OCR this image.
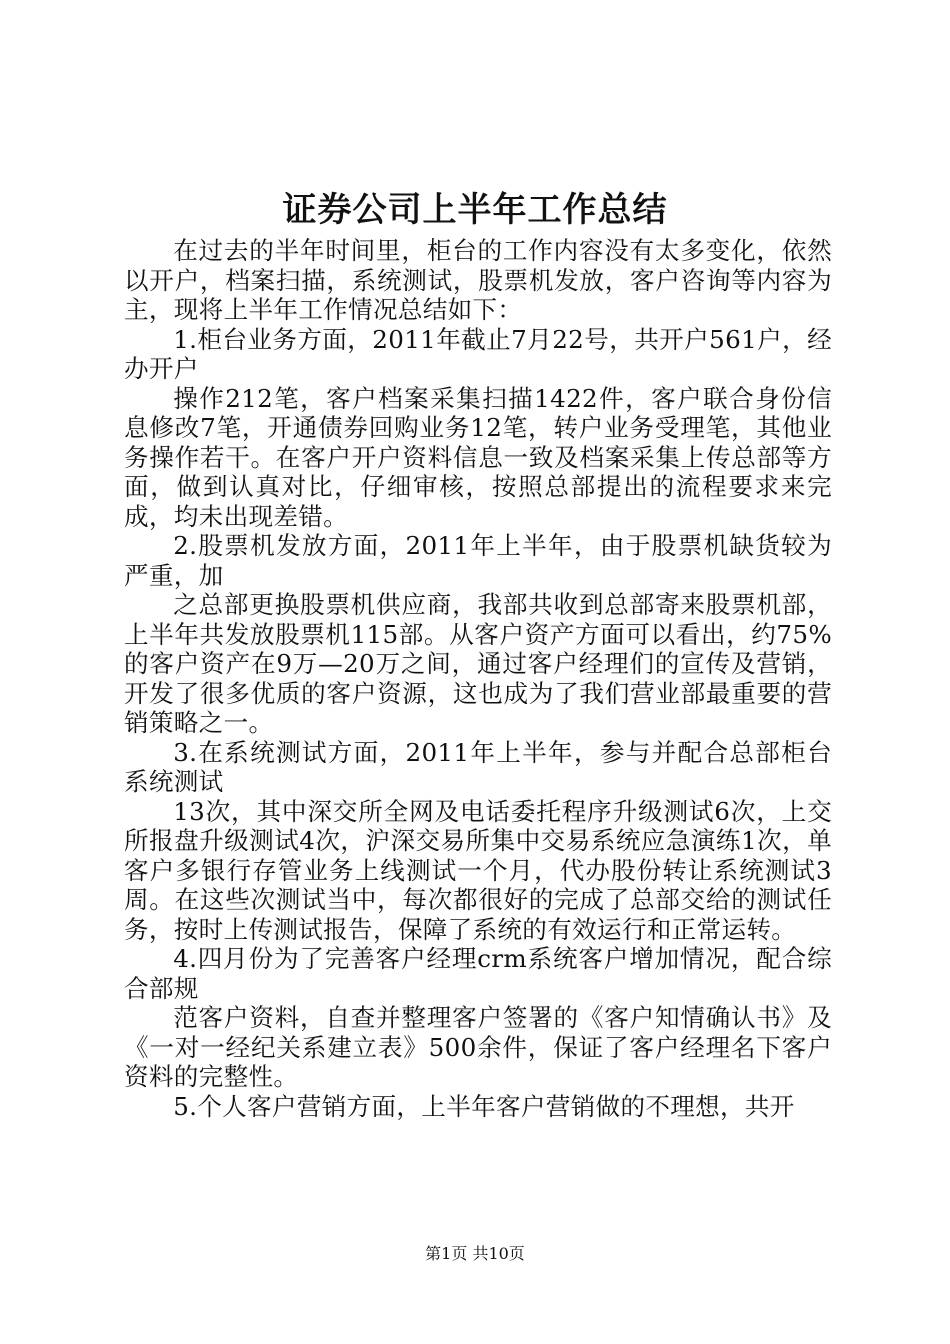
证券公司上半年工作总结

在过去的半年时间里，柜台的工作内容没有太多变化，依然以开户，档案扫描，系统测试，股票机发放，客户咨询等内容为主，现将上半年工作情况总结如下：

1.柜台业务方面，2011年截止7月22号，共开户561户，经办开户

操作212笔，客户档案采集扫描1422件，客户联合身份信息修改7笔，开通债券回购业务12笔，转户业务受理笔，其他业务操作若干。在客户开户资料信息一致及档案采集上传总部等方面，做到认真对比，仔细审核，按照总部提出的流程要求来完成，均未出现差错。

2.股票机发放方面，2011年上半年，由于股票机缺货较为严重，加

之总部更换股票机供应商，我部共收到总部寄来股票机部，上半年共发放股票机115部。从客户资产方面可以看出，约75%的客户资产在9万—20万之间，通过客户经理们的宣传及营销，开发了很多优质的客户资源，这也成为了我们营业部最重要的营销策略之一。

3.在系统测试方面，2011年上半年，参与并配合总部柜台系统测试

13次，其中深交所全网及电话委托程序升级测试6次，上交所报盘升级测试4次，沪深交易所集中交易系统应急演练1次，单客户多银行存管业务上线测试一个月，代办股份转让系统测试3周。在这些次测试当中，每次都很好的完成了总部交给的测试任务，按时上传测试报告，保障了系统的有效运行和正常运转。

4.四月份为了完善客户经理crm系统客户增加情况，配合综合部规

范客户资料，自查并整理客户签署的《客户知情确认书》及《一对一经纪关系建立表》500余件，保证了客户经理名下客户资料的完整性。

5.个人客户营销方面，上半年客户营销做的不理想，共开

第1页 共10页
